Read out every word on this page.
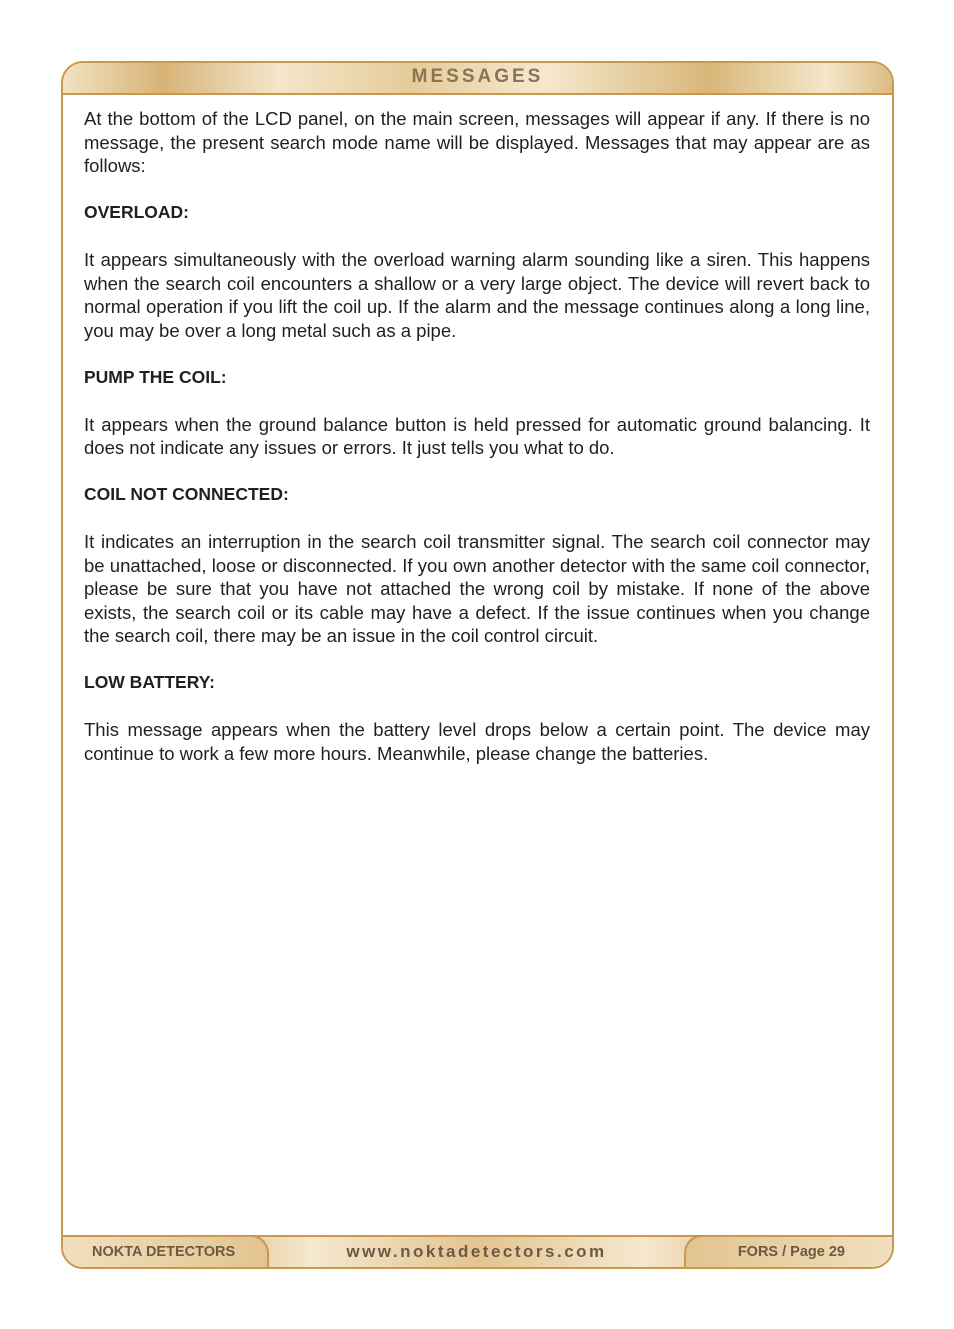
MESSAGES

At the bottom of the LCD panel, on the main screen, messages will appear if any. If there is no message, the present search mode name will be displayed. Messages that may appear are as follows:

OVERLOAD:

It appears simultaneously with the overload warning alarm sounding like a siren. This happens when the search coil encounters a shallow or a very large object. The device will revert back to normal operation if you lift the coil up. If the alarm and the message continues along a long line, you may be over a long metal such as a pipe.

PUMP THE COIL:

It appears when the ground balance button is held pressed for automatic ground balancing. It does not indicate any issues or errors. It just tells you what to do.

COIL NOT CONNECTED:

It indicates an interruption in the search coil transmitter signal. The search coil connector may be unattached, loose or disconnected. If you own another detector with the same coil connector, please be sure that you have not attached the wrong coil by mistake. If none of the above exists, the search coil or its cable may have a defect. If the issue continues when you change the search coil, there may be an issue in the coil control circuit.

LOW BATTERY:

This message appears when the battery level drops below a certain point. The device may continue to work a few more hours. Meanwhile, please change the batteries.

NOKTA DETECTORS	www.noktadetectors.com	FORS / Page 29
